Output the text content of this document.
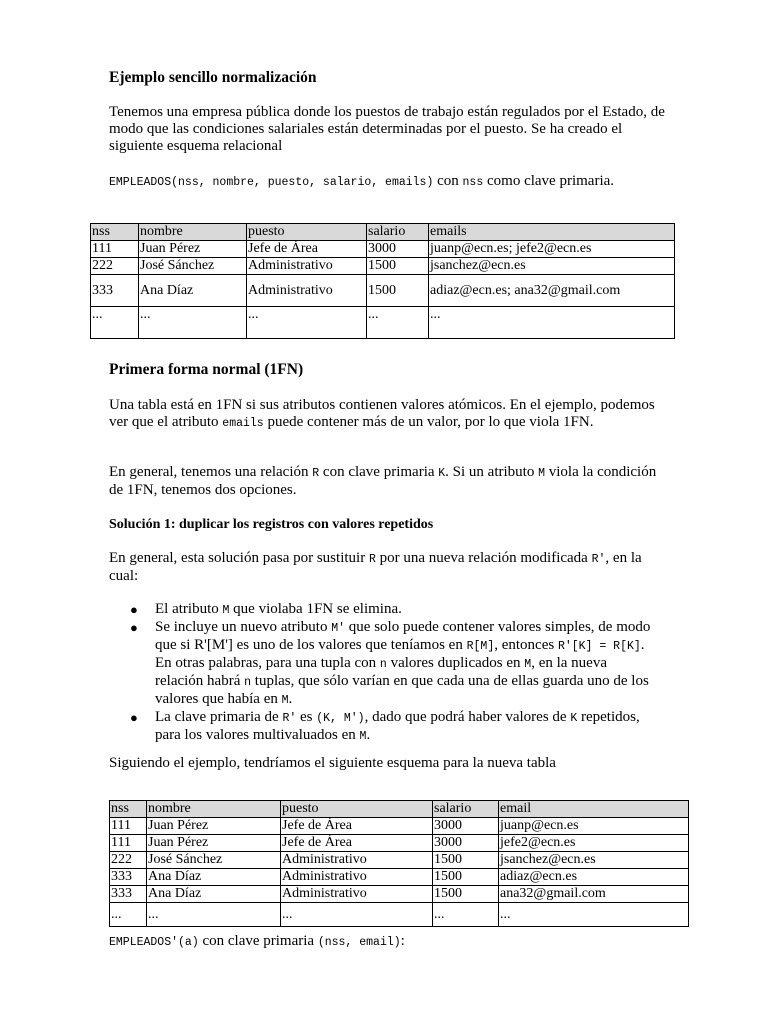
Ejemplo sencillo normalización

Tenemos una empresa pública donde los puestos de trabajo están regulados por el Estado, de modo que las condiciones salariales están determinadas por el puesto. Se ha creado el siguiente esquema relacional

EMPLEADOS(nss, nombre, puesto, salario, emails) con nss como clave primaria.

nss	nombre	puesto	salario	emails
111	Juan Pérez	Jefe de Área	3000	juanp@ecn.es; jefe2@ecn.es
222	José Sánchez	Administrativo	1500	jsanchez@ecn.es
333	Ana Díaz	Administrativo	1500	adiaz@ecn.es; ana32@gmail.com
...	...	...	...	...
Primera forma normal (1FN)

Una tabla está en 1FN si sus atributos contienen valores atómicos. En el ejemplo, podemos ver que el atributo emails puede contener más de un valor, por lo que viola 1FN.

En general, tenemos una relación R con clave primaria K. Si un atributo M viola la condición de 1FN, tenemos dos opciones.

Solución 1: duplicar los registros con valores repetidos

En general, esta solución pasa por sustituir R por una nueva relación modificada R', en la cual:

● El atributo M que violaba 1FN se elimina.
● Se incluye un nuevo atributo M' que solo puede contener valores simples, de modo que si R'[M'] es uno de los valores que teníamos en R[M], entonces R'[K] = R[K]. En otras palabras, para una tupla con n valores duplicados en M, en la nueva relación habrá n tuplas, que sólo varían en que cada una de ellas guarda uno de los valores que había en M.
● La clave primaria de R' es (K, M'), dado que podrá haber valores de K repetidos, para los valores multivaluados en M.

Siguiendo el ejemplo, tendríamos el siguiente esquema para la nueva tabla

nss	nombre	puesto	salario	email
111	Juan Pérez	Jefe de Área	3000	juanp@ecn.es
111	Juan Pérez	Jefe de Área	3000	jefe2@ecn.es
222	José Sánchez	Administrativo	1500	jsanchez@ecn.es
333	Ana Díaz	Administrativo	1500	adiaz@ecn.es
333	Ana Díaz	Administrativo	1500	ana32@gmail.com
...	...	...	...	...

EMPLEADOS'(a) con clave primaria (nss, email):
